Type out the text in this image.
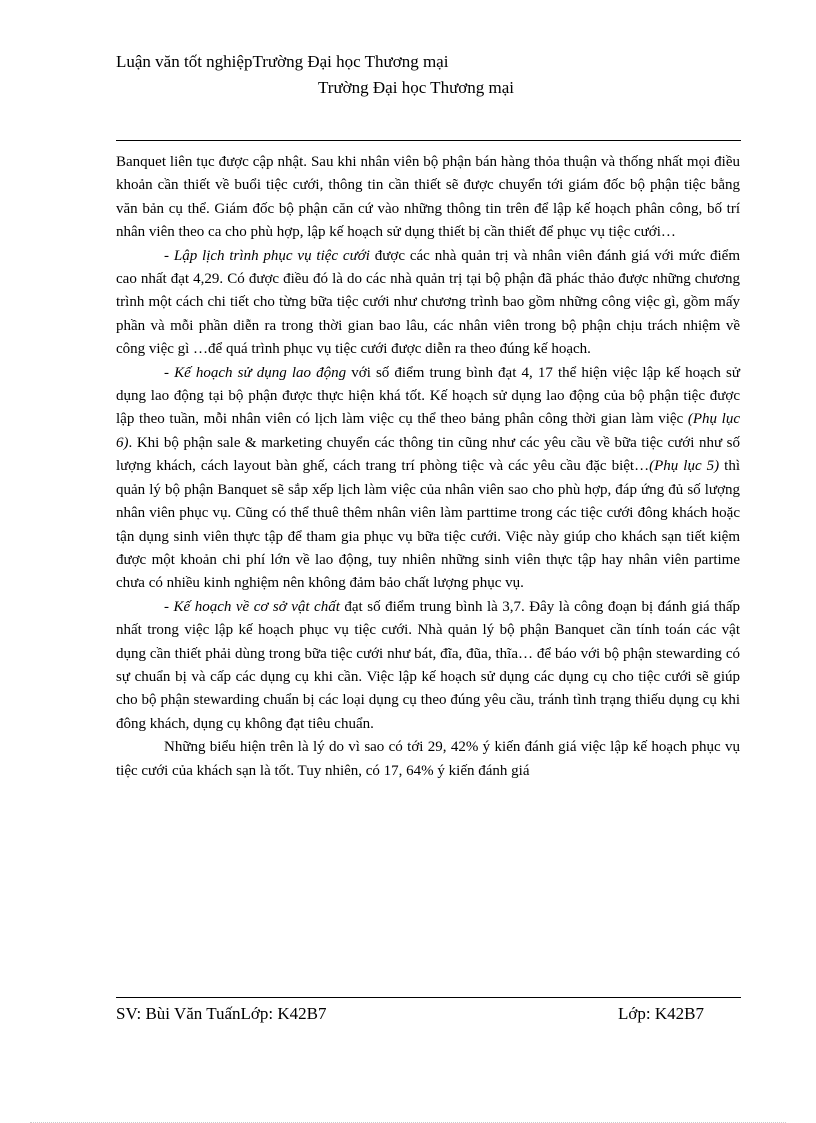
Luận văn tốt nghiệpTrường Đại học Thương mại
Trường Đại học Thương mại

Banquet liên tục được cập nhật. Sau khi nhân viên bộ phận bán hàng thỏa thuận và thống nhất mọi điều khoản cần thiết về buổi tiệc cưới, thông tin cần thiết sẽ được chuyển tới giám đốc bộ phận tiệc bằng văn bản cụ thể. Giám đốc bộ phận căn cứ vào những thông tin trên để lập kế hoạch phân công, bố trí nhân viên theo ca cho phù hợp, lập kế hoạch sử dụng thiết bị cần thiết để phục vụ tiệc cưới…

- Lập lịch trình phục vụ tiệc cưới được các nhà quản trị và nhân viên đánh giá với mức điểm cao nhất đạt 4,29. Có được điều đó là do các nhà quản trị tại bộ phận đã phác thảo được những chương trình một cách chi tiết cho từng bữa tiệc cưới như chương trình bao gồm những công việc gì, gồm mấy phần và mỗi phần diễn ra trong thời gian bao lâu, các nhân viên trong bộ phận chịu trách nhiệm về công việc gì …để quá trình phục vụ tiệc cưới được diễn ra theo đúng kế hoạch.

- Kế hoạch sử dụng lao động với số điểm trung bình đạt 4, 17 thể hiện việc lập kế hoạch sử dụng lao động tại bộ phận được thực hiện khá tốt. Kế hoạch sử dụng lao động của bộ phận tiệc được lập theo tuần, mỗi nhân viên có lịch làm việc cụ thể theo bảng phân công thời gian làm việc (Phụ lục 6). Khi bộ phận sale & marketing chuyển các thông tin cũng như các yêu cầu về bữa tiệc cưới như số lượng khách, cách layout bàn ghế, cách trang trí phòng tiệc và các yêu cầu đặc biệt…(Phụ lục 5) thì quản lý bộ phận Banquet sẽ sắp xếp lịch làm việc của nhân viên sao cho phù hợp, đáp ứng đủ số lượng nhân viên phục vụ. Cũng có thể thuê thêm nhân viên làm parttime trong các tiệc cưới đông khách hoặc tận dụng sinh viên thực tập để tham gia phục vụ bữa tiệc cưới. Việc này giúp cho khách sạn tiết kiệm được một khoản chi phí lớn về lao động, tuy nhiên những sinh viên thực tập hay nhân viên partime chưa có nhiều kinh nghiệm nên không đảm bảo chất lượng phục vụ.

- Kế hoạch về cơ sở vật chất đạt số điểm trung bình là 3,7. Đây là công đoạn bị đánh giá thấp nhất trong việc lập kế hoạch phục vụ tiệc cưới. Nhà quản lý bộ phận Banquet cần tính toán các vật dụng cần thiết phải dùng trong bữa tiệc cưới như bát, đĩa, đũa, thĩa… để báo với bộ phận stewarding có sự chuẩn bị và cấp các dụng cụ khi cần. Việc lập kế hoạch sử dụng các dụng cụ cho tiệc cưới sẽ giúp cho bộ phận stewarding chuẩn bị các loại dụng cụ theo đúng yêu cầu, tránh tình trạng thiếu dụng cụ khi đông khách, dụng cụ không đạt tiêu chuẩn.

Những biểu hiện trên là lý do vì sao có tới 29, 42% ý kiến đánh giá việc lập kế hoạch phục vụ tiệc cưới của khách sạn là tốt. Tuy nhiên, có 17, 64% ý kiến đánh giá

SV: Bùi Văn TuấnLớp: K42B7	Lớp: K42B7
